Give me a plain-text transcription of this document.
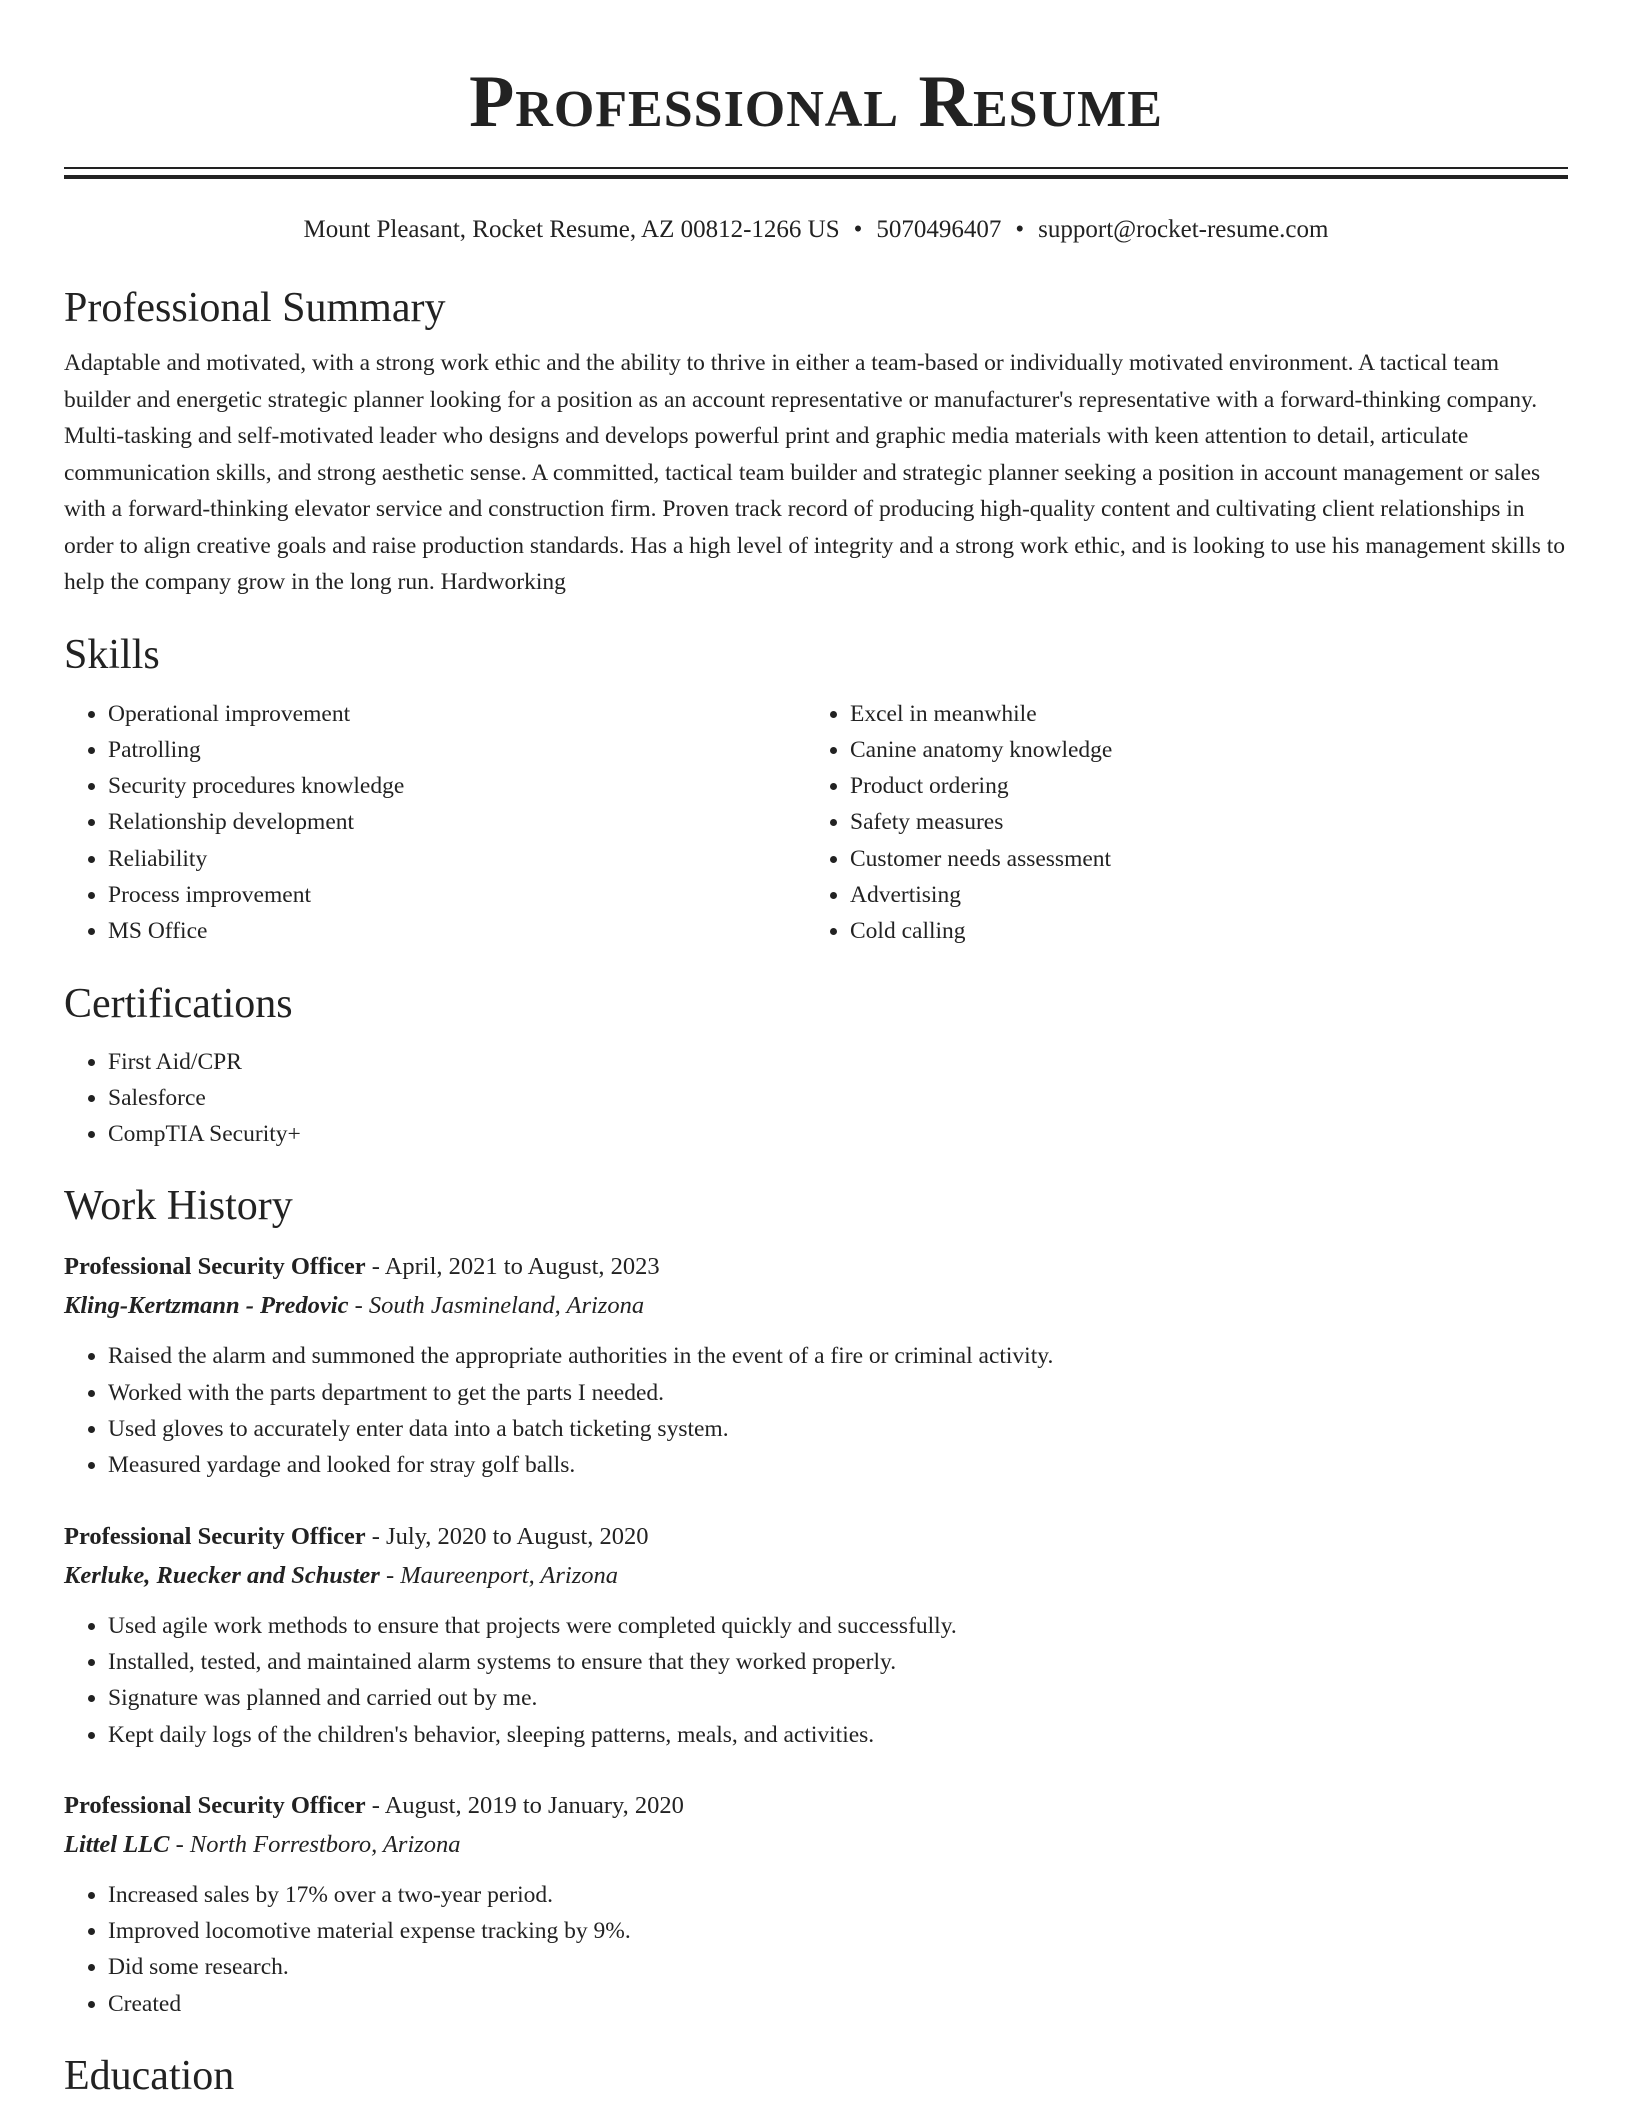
Professional Resume
Mount Pleasant, Rocket Resume, AZ 00812-1266 US • 5070496407 • support@rocket-resume.com
Professional Summary
Adaptable and motivated, with a strong work ethic and the ability to thrive in either a team-based or individually motivated environment. A tactical team builder and energetic strategic planner looking for a position as an account representative or manufacturer's representative with a forward-thinking company. Multi-tasking and self-motivated leader who designs and develops powerful print and graphic media materials with keen attention to detail, articulate communication skills, and strong aesthetic sense. A committed, tactical team builder and strategic planner seeking a position in account management or sales with a forward-thinking elevator service and construction firm. Proven track record of producing high-quality content and cultivating client relationships in order to align creative goals and raise production standards. Has a high level of integrity and a strong work ethic, and is looking to use his management skills to help the company grow in the long run. Hardworking
Skills
• Operational improvement
• Patrolling
• Security procedures knowledge
• Relationship development
• Reliability
• Process improvement
• MS Office
• Excel in meanwhile
• Canine anatomy knowledge
• Product ordering
• Safety measures
• Customer needs assessment
• Advertising
• Cold calling
Certifications
• First Aid/CPR
• Salesforce
• CompTIA Security+
Work History
Professional Security Officer - April, 2021 to August, 2023
Kling-Kertzmann - Predovic - South Jasmineland, Arizona
• Raised the alarm and summoned the appropriate authorities in the event of a fire or criminal activity.
• Worked with the parts department to get the parts I needed.
• Used gloves to accurately enter data into a batch ticketing system.
• Measured yardage and looked for stray golf balls.
Professional Security Officer - July, 2020 to August, 2020
Kerluke, Ruecker and Schuster - Maureenport, Arizona
• Used agile work methods to ensure that projects were completed quickly and successfully.
• Installed, tested, and maintained alarm systems to ensure that they worked properly.
• Signature was planned and carried out by me.
• Kept daily logs of the children's behavior, sleeping patterns, meals, and activities.
Professional Security Officer - August, 2019 to January, 2020
Littel LLC - North Forrestboro, Arizona
• Increased sales by 17% over a two-year period.
• Improved locomotive material expense tracking by 9%.
• Did some research.
• Created
Education
